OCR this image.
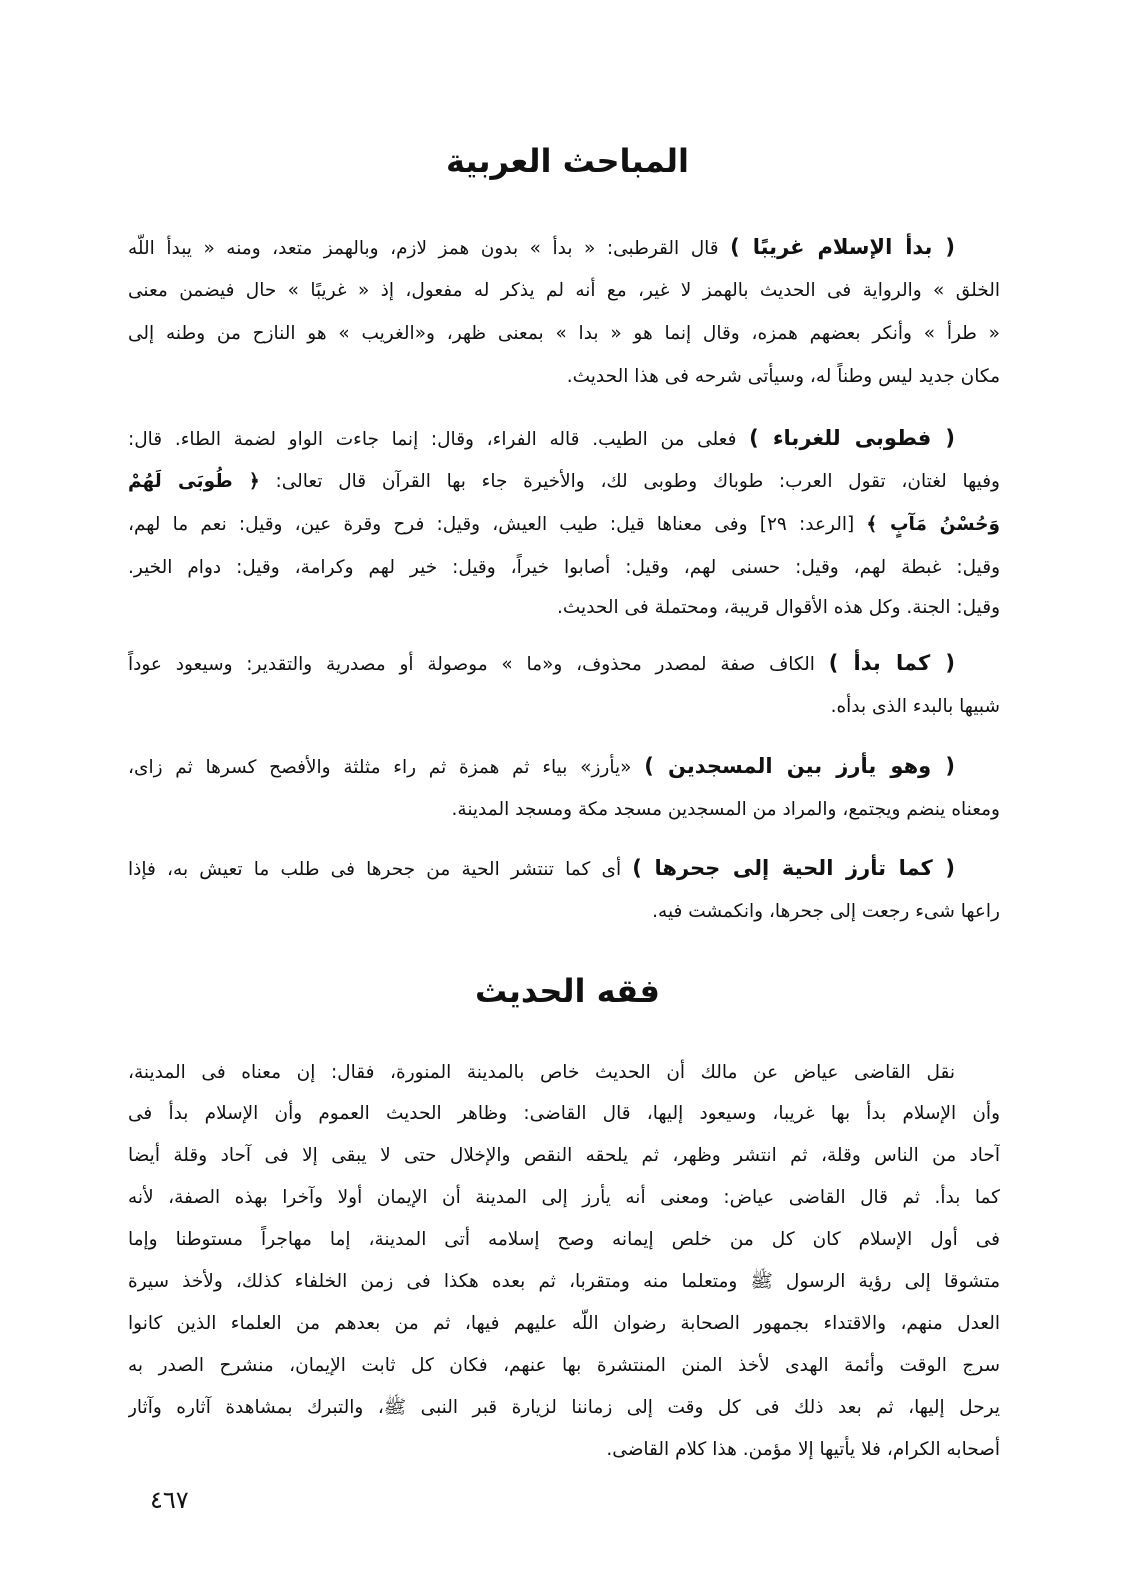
المباحث العربية
( بدأ الإسلام غريبًا ) قال القرطبى: « بدأ » بدون همز لازم، وبالهمز متعد، ومنه « يبدأ اللّه
الخلق » والرواية فى الحديث بالهمز لا غير، مع أنه لم يذكر له مفعول، إذ « غريبًا » حال فيضمن معنى
« طرأ » وأنكر بعضهم همزه، وقال إنما هو « بدا » بمعنى ظهر، و«الغريب » هو النازح من وطنه إلى
مكان جديد ليس وطناً له، وسيأتى شرحه فى هذا الحديث.
( فطوبى للغرباء ) فعلى من الطيب. قاله الفراء، وقال: إنما جاءت الواو لضمة الطاء. قال:
وفيها لغتان، تقول العرب: طوباك وطوبى لك، والأخيرة جاء بها القرآن قال تعالى: ﴿ طُوبَى لَهُمْ
وَحُسْنُ مَآبٍ ﴾ [الرعد: ٢٩] وفى معناها قيل: طيب العيش، وقيل: فرح وقرة عين، وقيل: نعم ما لهم،
وقيل: غبطة لهم، وقيل: حسنى لهم، وقيل: أصابوا خيراً، وقيل: خير لهم وكرامة، وقيل: دوام الخير.
وقيل: الجنة. وكل هذه الأقوال قريبة، ومحتملة فى الحديث.
( كما بدأ ) الكاف صفة لمصدر محذوف، و«ما » موصولة أو مصدرية والتقدير: وسيعود عوداً
شبيها بالبدء الذى بدأه.
( وهو يأرز بين المسجدين ) «يأرز» بياء ثم همزة ثم راء مثلثة والأفصح كسرها ثم زاى،
ومعناه ينضم ويجتمع، والمراد من المسجدين مسجد مكة ومسجد المدينة.
( كما تأرز الحية إلى جحرها ) أى كما تنتشر الحية من جحرها فى طلب ما تعيش به، فإذا
راعها شىء رجعت إلى جحرها، وانكمشت فيه.
فقه الحديث
نقل القاضى عياض عن مالك أن الحديث خاص بالمدينة المنورة، فقال: إن معناه فى المدينة،
وأن الإسلام بدأ بها غريبا، وسيعود إليها، قال القاضى: وظاهر الحديث العموم وأن الإسلام بدأ فى
آحاد من الناس وقلة، ثم انتشر وظهر، ثم يلحقه النقص والإخلال حتى لا يبقى إلا فى آحاد وقلة أيضا
كما بدأ. ثم قال القاضى عياض: ومعنى أنه يأرز إلى المدينة أن الإيمان أولا وآخرا بهذه الصفة، لأنه
فى أول الإسلام كان كل من خلص إيمانه وصح إسلامه أتى المدينة، إما مهاجراً مستوطنا وإما
متشوقا إلى رؤية الرسول ﷺ ومتعلما منه ومتقربا، ثم بعده هكذا فى زمن الخلفاء كذلك، ولأخذ سيرة
العدل منهم، والاقتداء بجمهور الصحابة رضوان اللّه عليهم فيها، ثم من بعدهم من العلماء الذين كانوا
سرج الوقت وأئمة الهدى لأخذ المنن المنتشرة بها عنهم، فكان كل ثابت الإيمان، منشرح الصدر به
يرحل إليها، ثم بعد ذلك فى كل وقت إلى زماننا لزيارة قبر النبى ﷺ، والتبرك بمشاهدة آثاره وآثار
أصحابه الكرام، فلا يأتيها إلا مؤمن. هذا كلام القاضى.
٤٦٧
